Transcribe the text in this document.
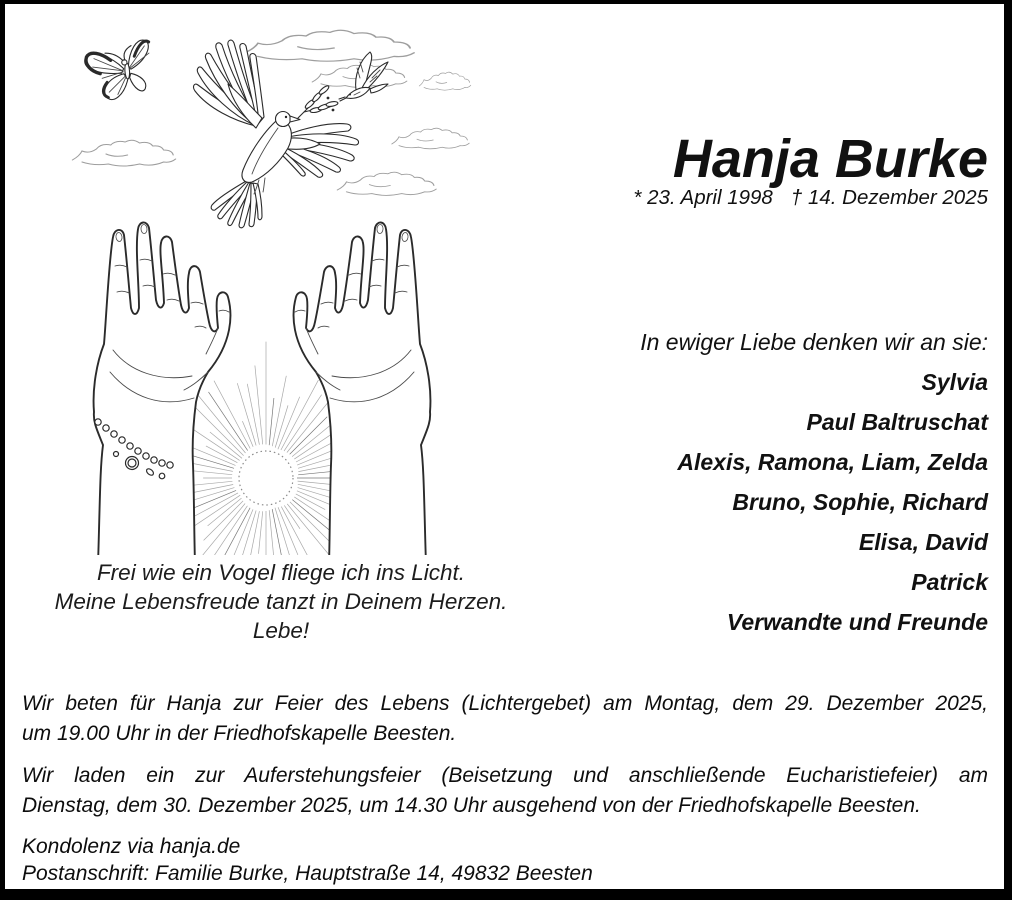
Hanja Burke
* 23. April 1998 † 14. Dezember 2025
In ewiger Liebe denken wir an sie:
Sylvia
Paul Baltruschat
Alexis, Ramona, Liam, Zelda
Bruno, Sophie, Richard
Elisa, David
Patrick
Verwandte und Freunde
Frei wie ein Vogel fliege ich ins Licht.
Meine Lebensfreude tanzt in Deinem Herzen.
Lebe!
Wir beten für Hanja zur Feier des Lebens (Lichtergebet) am Montag, dem 29. Dezember 2025,
um 19.00 Uhr in der Friedhofskapelle Beesten.
Wir laden ein zur Auferstehungsfeier (Beisetzung und anschließende Eucharistiefeier) am
Dienstag, dem 30. Dezember 2025, um 14.30 Uhr ausgehend von der Friedhofskapelle Beesten.
Kondolenz via hanja.de
Postanschrift: Familie Burke, Hauptstraße 14, 49832 Beesten
